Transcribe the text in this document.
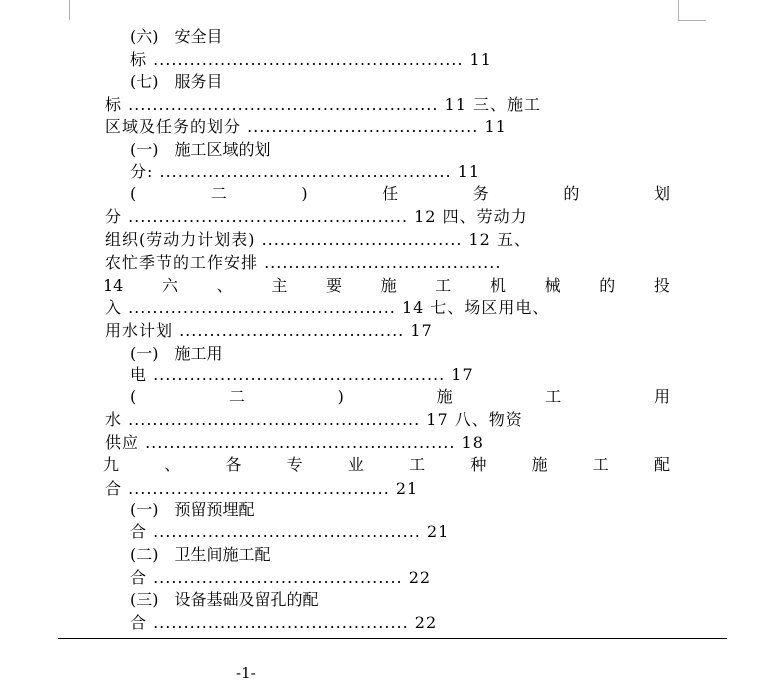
(六)　安全目
标 ................................................... 11
(七)　服务目
标 ................................................... 11 三、施工
区域及任务的划分 ...................................... 11
(一)　施工区域的划
分: ................................................ 11
(	二	)	任	务	的	划
分 .............................................. 12 四、劳动力
组织(劳动力计划表) ................................. 12 五、
农忙季节的工作安排 .......................................
14 六 、 主 要 施 工 机 械 的 投
入 ............................................ 14 七、场区用电、
用水计划 ..................................... 17
(一)　施工用
电 ................................................ 17
(	二	)	施	工	用
水 ................................................ 17 八、物资
供应 ................................................... 18
九	、	各	专	业	工	种	施	工	配
合 ........................................... 21
(一)　预留预埋配
合 ............................................ 21
(二)　卫生间施工配
合 ......................................... 22
(三)　设备基础及留孔的配
合 .......................................... 22
-1-
